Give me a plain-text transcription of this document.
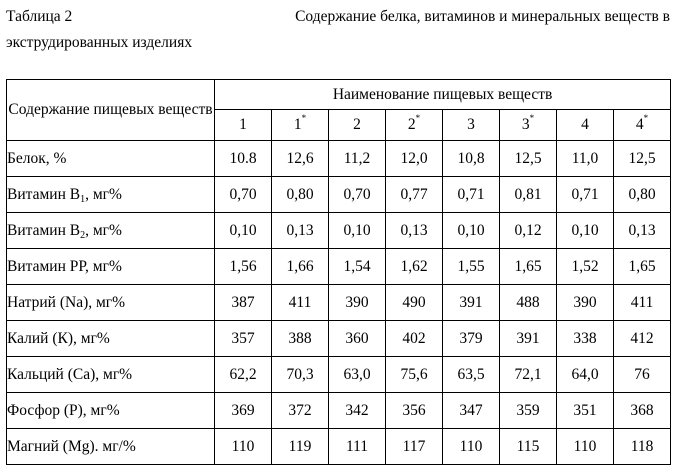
Таблица 2	Содержание белка, витаминов и минеральных веществ в
экструдированных изделиях
Содержание пищевых веществ	Наименование пищевых веществ							
	1	1*	2	2*	3	3*	4	4*
Белок, %	10.8	12,6	11,2	12,0	10,8	12,5	11,0	12,5
Витамин $В_1$, мг%	0,70	0,80	0,70	0,77	0,71	0,81	0,71	0,80
Витамин $В_2$, мг%	0,10	0,13	0,10	0,13	0,10	0,12	0,10	0,13
Витамин РР, мг%	1,56	1,66	1,54	1,62	1,55	1,65	1,52	1,65
Натрий (Na), мг%	387	411	390	490	391	488	390	411
Калий (К), мг%	357	388	360	402	379	391	338	412
Кальций (Са), мг%	62,2	70,3	63,0	75,6	63,5	72,1	64,0	76
Фосфор (Р), мг%	369	372	342	356	347	359	351	368
Магний (Mg). мг/%	110	119	111	117	110	115	110	118
